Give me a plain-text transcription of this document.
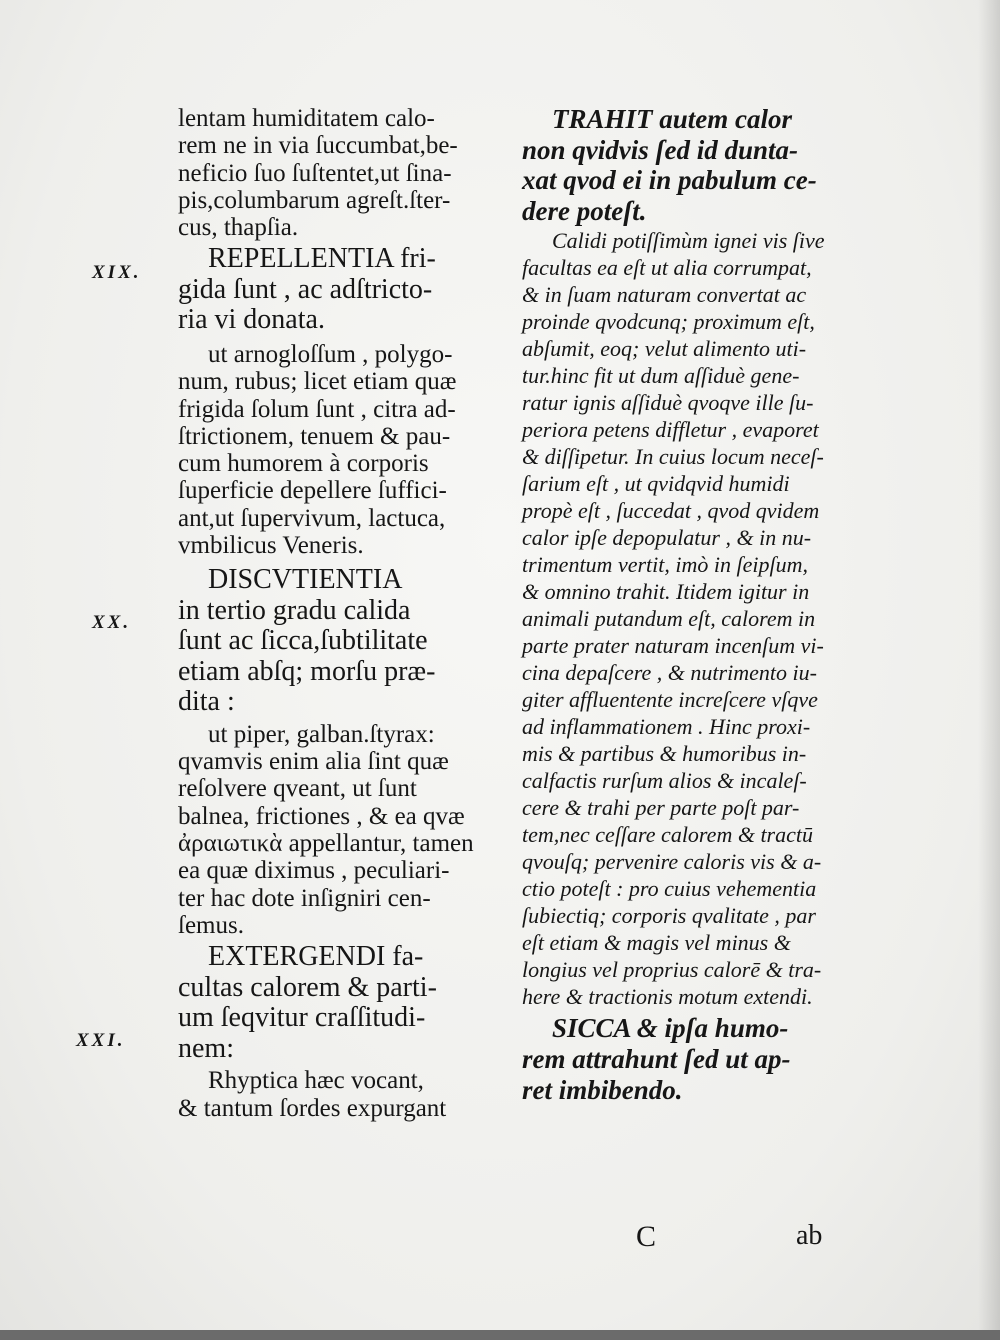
lentam humiditatem calo-
rem ne in via ſuccumbat,be-
neficio ſuo ſuſtentet,ut ſina-
pis,columbarum agreſt.ſter-
cus, thapſia.
REPELLENTIA fri-
gida ſunt , ac adſtricto-
ria vi donata.
ut arnogloſſum , polygo-
num, rubus; licet etiam quæ
frigida ſolum ſunt , citra ad-
ſtrictionem, tenuem & pau-
cum humorem à corporis
ſuperficie depellere ſuffici-
ant,ut ſupervivum, lactuca,
vmbilicus Veneris.
DISCVTIENTIA
in tertio gradu calida
ſunt ac ſicca,ſubtilitate
etiam abſq; morſu præ-
dita :
ut piper, galban.ſtyrax:
qvamvis enim alia ſint quæ
reſolvere qveant, ut ſunt
balnea, frictiones , & ea qvæ
ἀραιωτικὰ appellantur, tamen
ea quæ diximus , peculiari-
ter hac dote inſigniri cen-
ſemus.
EXTERGENDI fa-
cultas calorem & parti-
um ſeqvitur craſſitudi-
nem:
Rhyptica hæc vocant,
& tantum ſordes expurgant
TRAHIT autem calor
non qvidvis ſed id dunta-
xat qvod ei in pabulum ce-
dere poteſt.
Calidi potiſſimùm ignei vis ſive
facultas ea eſt ut alia corrumpat,
& in ſuam naturam convertat ac
proinde qvodcunq; proximum eſt,
abſumit, eoq; velut alimento uti-
tur.hinc fit ut dum aſſiduè gene-
ratur ignis aſſiduè qvoqve ille ſu-
periora petens diffletur , evaporet
& diſſipetur. In cuius locum neceſ-
ſarium eſt , ut qvidqvid humidi
propè eſt , ſuccedat , qvod qvidem
calor ipſe depopulatur , & in nu-
trimentum vertit, imò in ſeipſum,
& omnino trahit. Itidem igitur in
animali putandum eſt, calorem in
parte prater naturam incenſum vi-
cina depaſcere , & nutrimento iu-
giter affluentente increſcere vſqve
ad inflammationem . Hinc proxi-
mis & partibus & humoribus in-
calfactis rurſum alios & incaleſ-
cere & trahi per parte poſt par-
tem,nec ceſſare calorem & tractū
qvouſq; pervenire caloris vis & a-
ctio poteſt : pro cuius vehementia
ſubiectiq; corporis qvalitate , par
eſt etiam & magis vel minus &
longius vel proprius calorē & tra-
here & tractionis motum extendi.
SICCA & ipſa humo-
rem attrahunt ſed ut ap-
ret imbibendo.
XIX.
XX.
XXI.
C	ab
